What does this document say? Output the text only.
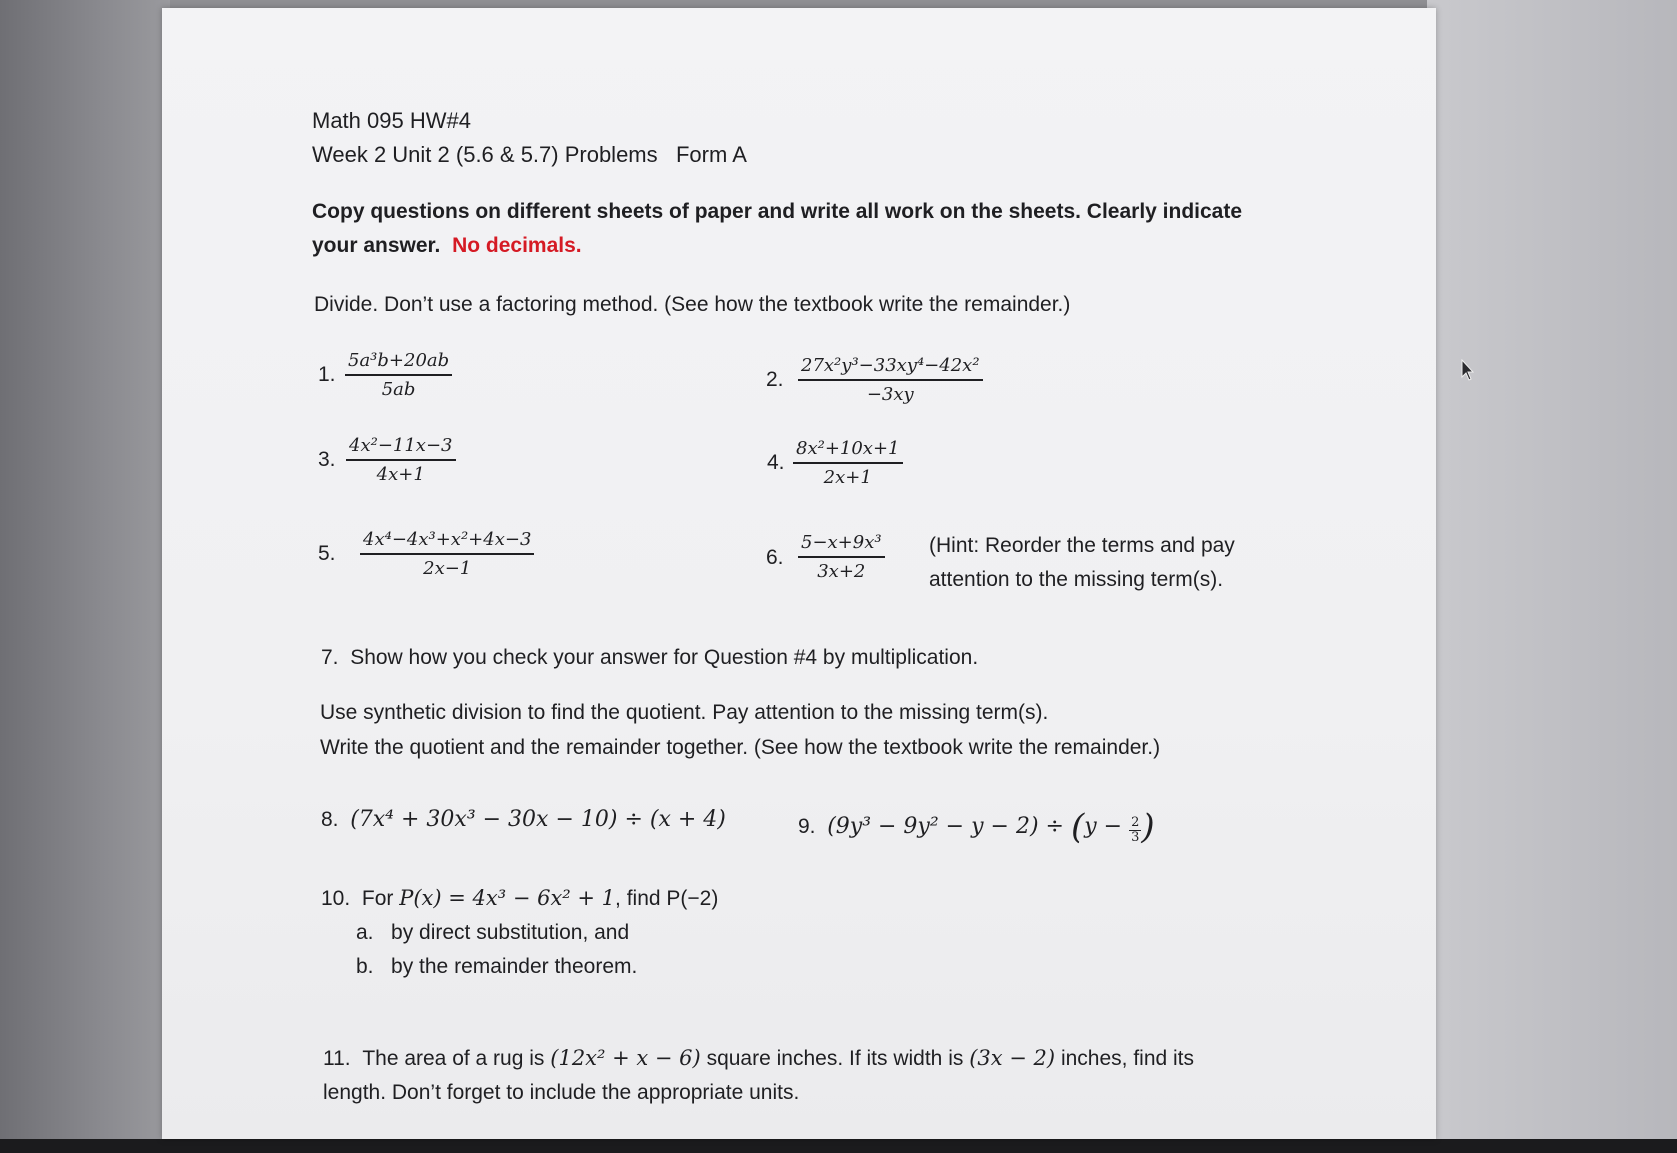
Math 095 HW#4
Week 2 Unit 2 (5.6 & 5.7) Problems Form A
Copy questions on different sheets of paper and write all work on the sheets. Clearly indicate
your answer. No decimals.
Divide. Don’t use a factoring method. (See how the textbook write the remainder.)
1. $\frac{\text{5a³b+20ab}}{5ab}$	2. $\frac{\text{27x²y³−33xy⁴−42x²}}{-3xy}$
3. $\frac{\text{4x²−11x−3}}{4x+1}$	4. $\frac{\text{8x²+10x+1}}{2x+1}$
5. $\frac{\text{4x⁴−4x³+x²+4x−3}}{2x-1}$	6. $\frac{\text{5−x+9x³}}{3x+2}$ (Hint: Reorder the terms and pay
attention to the missing term(s).
7. Show how you check your answer for Question #4 by multiplication.
Use synthetic division to find the quotient. Pay attention to the missing term(s).
Write the quotient and the remainder together. (See how the textbook write the remainder.)
8. (7x⁴ + 30x³ − 30x − 10) ÷ (x + 4)	9. $(9y^3 - 9y^2 - y - 2) \div (y - \frac{2}{3}$ )
10. For P(x) = 4x³ − 6x² + 1, find P(−2)
a. by direct substitution, and
b. by the remainder theorem.
11. The area of a rug is (12x² + x − 6) square inches. If its width is (3x − 2) inches, find its
length. Don’t forget to include the appropriate units.
